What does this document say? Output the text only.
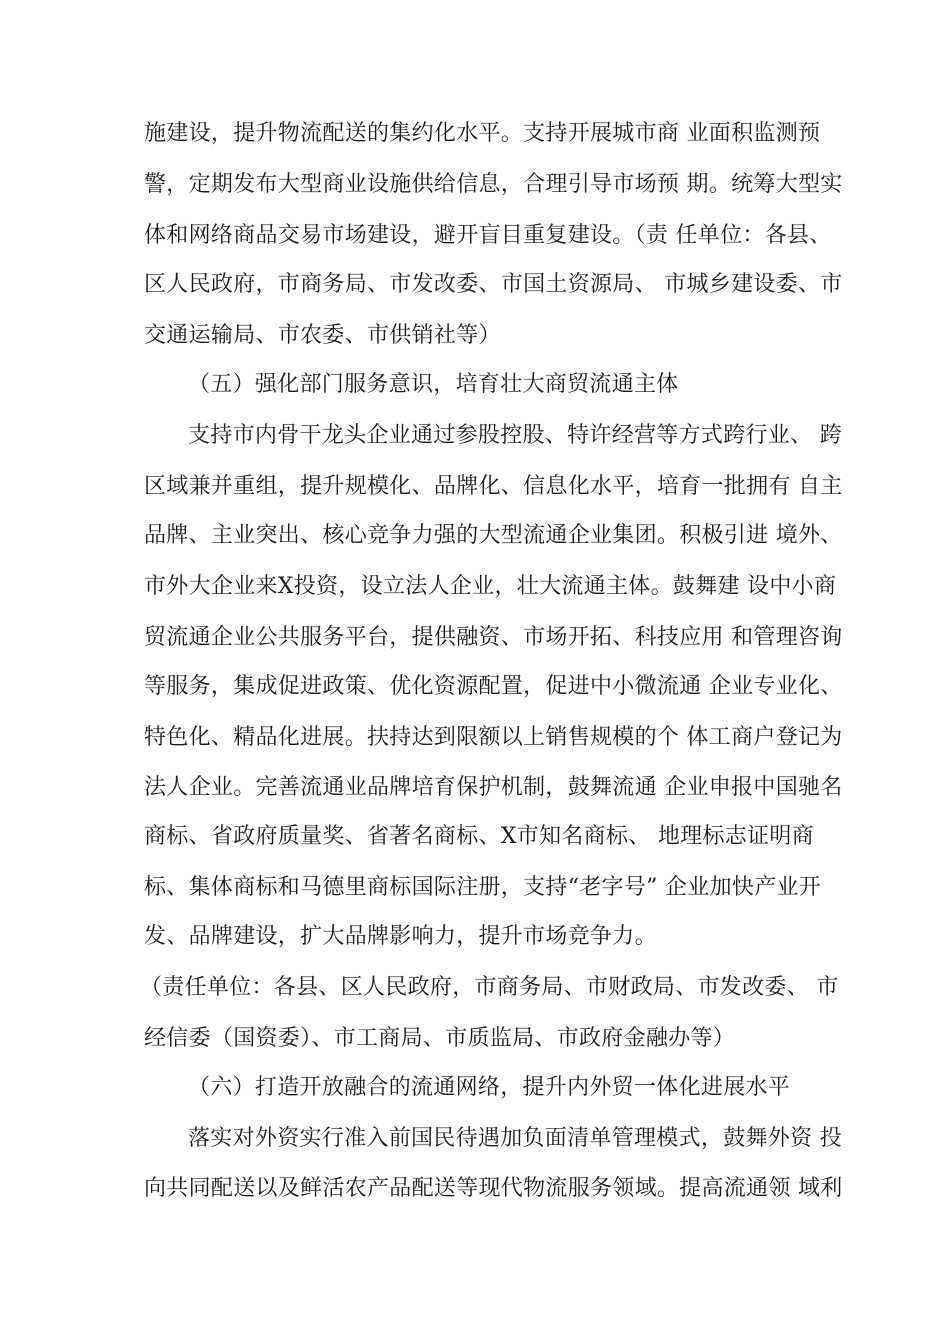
施建设，提升物流配送的集约化水平。支持开展城市商 业面积监测预
警，定期发布大型商业设施供给信息，合理引导市场预 期。统筹大型实
体和网络商品交易市场建设，避开盲目重复建设。（责 任单位：各县、
区人民政府，市商务局、市发改委、市国土资源局、 市城乡建设委、市
交通运输局、市农委、市供销社等）
（五）强化部门服务意识，培育壮大商贸流通主体
支持市内骨干龙头企业通过参股控股、特许经营等方式跨行业、 跨
区域兼并重组，提升规模化、品牌化、信息化水平，培育一批拥有 自主
品牌、主业突出、核心竞争力强的大型流通企业集团。积极引进 境外、
市外大企业来X投资，设立法人企业，壮大流通主体。鼓舞建 设中小商
贸流通企业公共服务平台，提供融资、市场开拓、科技应用 和管理咨询
等服务，集成促进政策、优化资源配置，促进中小微流通 企业专业化、
特色化、精品化进展。扶持达到限额以上销售规模的个 体工商户登记为
法人企业。完善流通业品牌培育保护机制，鼓舞流通 企业申报中国驰名
商标、省政府质量奖、省著名商标、X市知名商标、 地理标志证明商
标、集体商标和马德里商标国际注册，支持“老字号” 企业加快产业开
发、品牌建设，扩大品牌影响力，提升市场竞争力。
（责任单位：各县、区人民政府，市商务局、市财政局、市发改委、 市
经信委（国资委）、市工商局、市质监局、市政府金融办等）
（六）打造开放融合的流通网络，提升内外贸一体化进展水平
落实对外资实行准入前国民待遇加负面清单管理模式，鼓舞外资 投
向共同配送以及鲜活农产品配送等现代物流服务领域。提高流通领 域利
